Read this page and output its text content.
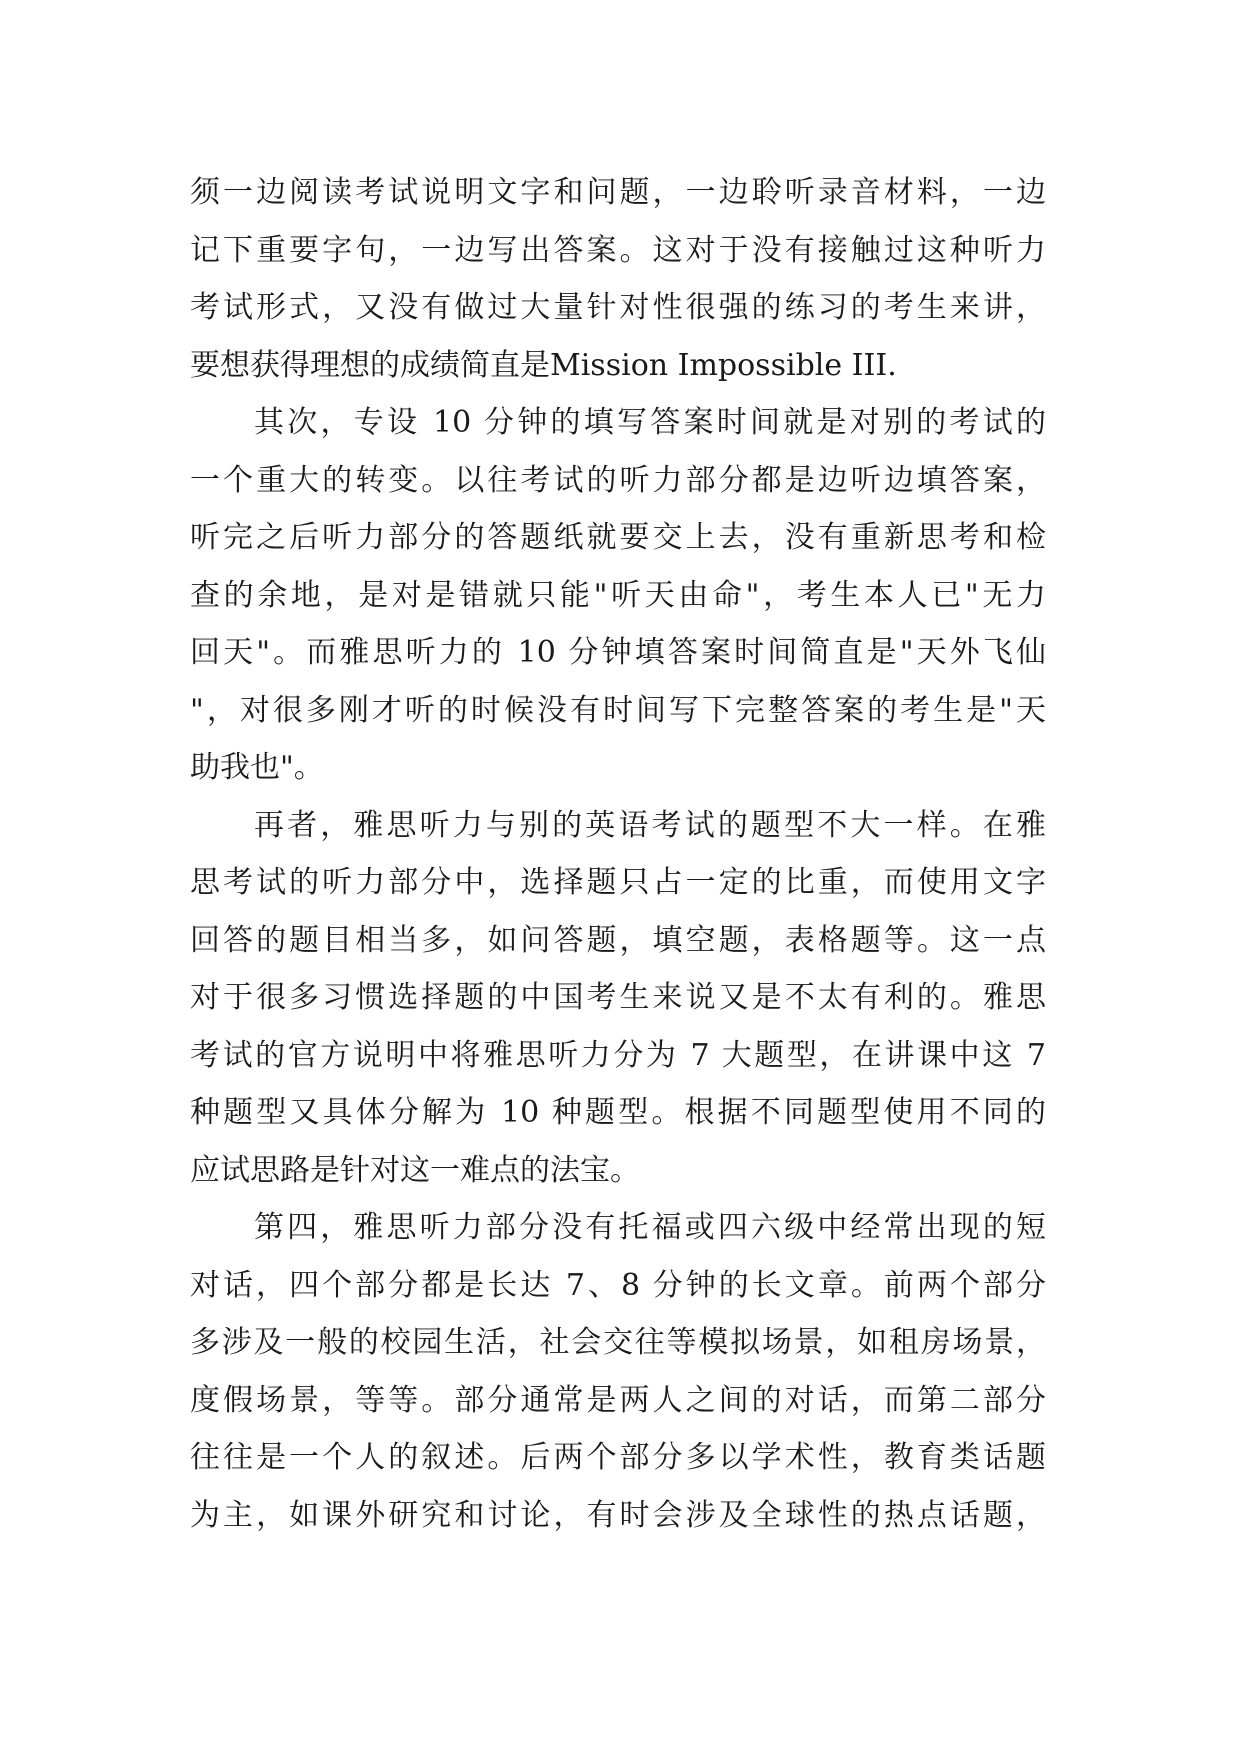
须一边阅读考试说明文字和问题，一边聆听录音材料，一边
记下重要字句，一边写出答案。这对于没有接触过这种听力
考试形式，又没有做过大量针对性很强的练习的考生来讲，
要想获得理想的成绩简直是Mission Impossible III.

其次，专设 10 分钟的填写答案时间就是对别的考试的
一个重大的转变。以往考试的听力部分都是边听边填答案，
听完之后听力部分的答题纸就要交上去，没有重新思考和检
查的余地，是对是错就只能"听天由命"，考生本人已"无力
回天"。而雅思听力的 10 分钟填答案时间简直是"天外飞仙
"，对很多刚才听的时候没有时间写下完整答案的考生是"天
助我也"。

再者，雅思听力与别的英语考试的题型不大一样。在雅
思考试的听力部分中，选择题只占一定的比重，而使用文字
回答的题目相当多，如问答题，填空题，表格题等。这一点
对于很多习惯选择题的中国考生来说又是不太有利的。雅思
考试的官方说明中将雅思听力分为 7 大题型，在讲课中这 7
种题型又具体分解为 10 种题型。根据不同题型使用不同的
应试思路是针对这一难点的法宝。

第四，雅思听力部分没有托福或四六级中经常出现的短
对话，四个部分都是长达 7、8 分钟的长文章。前两个部分
多涉及一般的校园生活，社会交往等模拟场景，如租房场景，
度假场景，等等。部分通常是两人之间的对话，而第二部分
往往是一个人的叙述。后两个部分多以学术性，教育类话题
为主，如课外研究和讨论，有时会涉及全球性的热点话题，
